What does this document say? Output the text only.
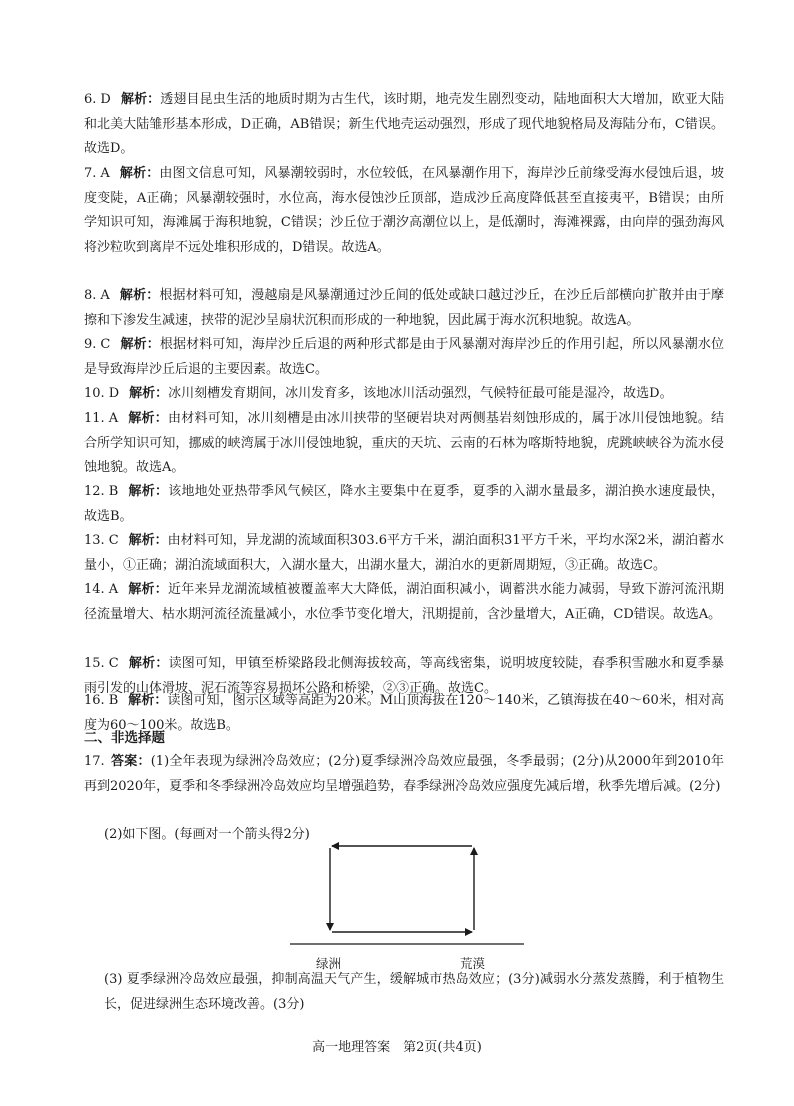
6. D 解析：透翅目昆虫生活的地质时期为古生代，该时期，地壳发生剧烈变动，陆地面积大大增加，欧亚大陆和北美大陆雏形基本形成，D正确，AB错误；新生代地壳运动强烈，形成了现代地貌格局及海陆分布，C错误。故选D。
7. A 解析：由图文信息可知，风暴潮较弱时，水位较低，在风暴潮作用下，海岸沙丘前缘受海水侵蚀后退，坡度变陡，A正确；风暴潮较强时，水位高，海水侵蚀沙丘顶部，造成沙丘高度降低甚至直接夷平，B错误；由所学知识可知，海滩属于海积地貌，C错误；沙丘位于潮汐高潮位以上，是低潮时，海滩裸露，由向岸的强劲海风将沙粒吹到离岸不远处堆积形成的，D错误。故选A。
8. A 解析：根据材料可知，漫越扇是风暴潮通过沙丘间的低处或缺口越过沙丘，在沙丘后部横向扩散并由于摩擦和下渗发生减速，挟带的泥沙呈扇状沉积而形成的一种地貌，因此属于海水沉积地貌。故选A。
9. C 解析：根据材料可知，海岸沙丘后退的两种形式都是由于风暴潮对海岸沙丘的作用引起，所以风暴潮水位是导致海岸沙丘后退的主要因素。故选C。
10. D 解析：冰川刻槽发育期间，冰川发育多，该地冰川活动强烈，气候特征最可能是湿冷，故选D。
11. A 解析：由材料可知，冰川刻槽是由冰川挟带的坚硬岩块对两侧基岩刻蚀形成的，属于冰川侵蚀地貌。结合所学知识可知，挪威的峡湾属于冰川侵蚀地貌，重庆的天坑、云南的石林为喀斯特地貌，虎跳峡峡谷为流水侵蚀地貌。故选A。
12. B 解析：该地地处亚热带季风气候区，降水主要集中在夏季，夏季的入湖水量最多，湖泊换水速度最快，故选B。
13. C 解析：由材料可知，异龙湖的流域面积303.6平方千米，湖泊面积31平方千米，平均水深2米，湖泊蓄水量小，①正确；湖泊流域面积大，入湖水量大，出湖水量大，湖泊水的更新周期短，③正确。故选C。
14. A 解析：近年来异龙湖流域植被覆盖率大大降低，湖泊面积减小，调蓄洪水能力减弱，导致下游河流汛期径流量增大、枯水期河流径流量减小，水位季节变化增大，汛期提前，含沙量增大，A正确，CD错误。故选A。
15. C 解析：读图可知，甲镇至桥梁路段北侧海拔较高，等高线密集，说明坡度较陡，春季积雪融水和夏季暴雨引发的山体滑坡、泥石流等容易损坏公路和桥梁，②③正确。故选C。
二、非选择题
16. B 解析：读图可知，图示区域等高距为20米。M山顶海拔在120～140米，乙镇海拔在40～60米，相对高度为60～100米。故选B。
17. 答案：(1)全年表现为绿洲冷岛效应；(2分)夏季绿洲冷岛效应最强，冬季最弱；(2分)从2000年到2010年再到2020年，夏季和冬季绿洲冷岛效应均呈增强趋势，春季绿洲冷岛效应强度先减后增，秋季先增后减。(2分)
(2)如下图。(每画对一个箭头得2分)
绿洲	荒漠
(3) 夏季绿洲冷岛效应最强，抑制高温天气产生，缓解城市热岛效应；(3分)减弱水分蒸发蒸腾，利于植物生长，促进绿洲生态环境改善。(3分)
高一地理答案　第2页(共4页)
